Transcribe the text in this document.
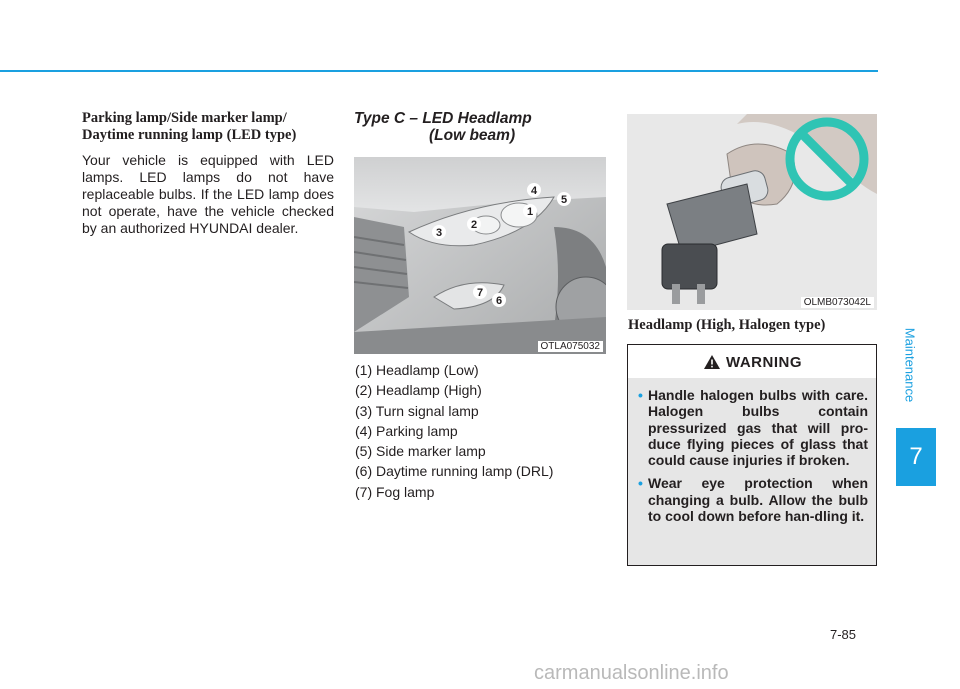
Maintenance
7
7-85

Parking lamp/Side marker lamp/
Daytime running lamp (LED type)

Your vehicle is equipped with LED lamps. LED lamps do not have replaceable bulbs. If the LED lamp does not operate, have the vehicle checked by an authorized HYUNDAI dealer.

Type C – LED Headlamp
(Low beam)

4
5
1
2
3
7
6
OTLA075032
(1) Headlamp (Low)
(2) Headlamp (High)
(3) Turn signal lamp
(4) Parking lamp
(5) Side marker lamp
(6) Daytime running lamp (DRL)
(7) Fog lamp
OLMB073042L
Headlamp (High, Halogen type)
WARNING
• Handle halogen bulbs with care. Halogen bulbs contain pressurized gas that will pro-duce flying pieces of glass that could cause injuries if broken.
• Wear eye protection when changing a bulb. Allow the bulb to cool down before han-dling it.
carmanualsonline.info
